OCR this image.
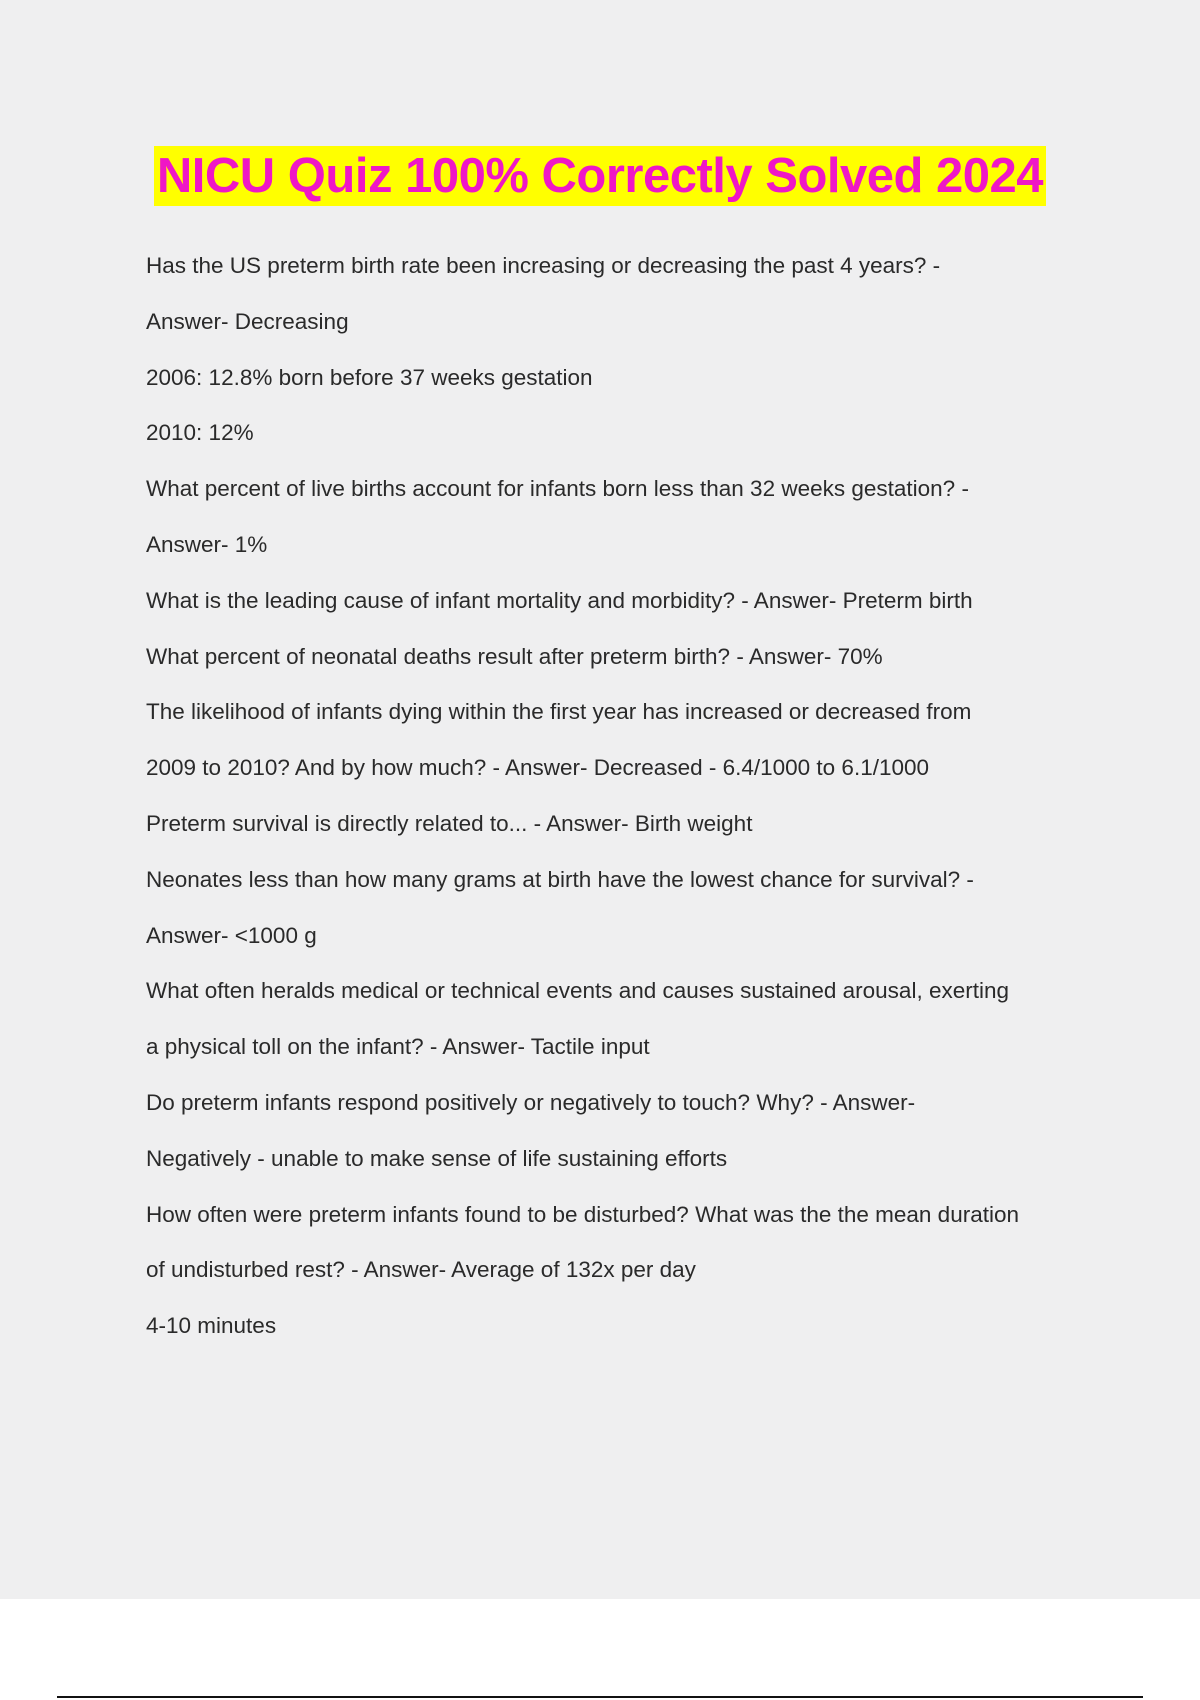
NICU Quiz 100% Correctly Solved 2024
Has the US preterm birth rate been increasing or decreasing the past 4 years? -
Answer- Decreasing
2006: 12.8% born before 37 weeks gestation
2010: 12%
What percent of live births account for infants born less than 32 weeks gestation? -
Answer- 1%
What is the leading cause of infant mortality and morbidity? - Answer- Preterm birth
What percent of neonatal deaths result after preterm birth? - Answer- 70%
The likelihood of infants dying within the first year has increased or decreased from
2009 to 2010? And by how much? - Answer- Decreased - 6.4/1000 to 6.1/1000
Preterm survival is directly related to... - Answer- Birth weight
Neonates less than how many grams at birth have the lowest chance for survival? -
Answer- <1000 g
What often heralds medical or technical events and causes sustained arousal, exerting
a physical toll on the infant? - Answer- Tactile input
Do preterm infants respond positively or negatively to touch? Why? - Answer-
Negatively - unable to make sense of life sustaining efforts
How often were preterm infants found to be disturbed? What was the the mean duration
of undisturbed rest? - Answer- Average of 132x per day
4-10 minutes
